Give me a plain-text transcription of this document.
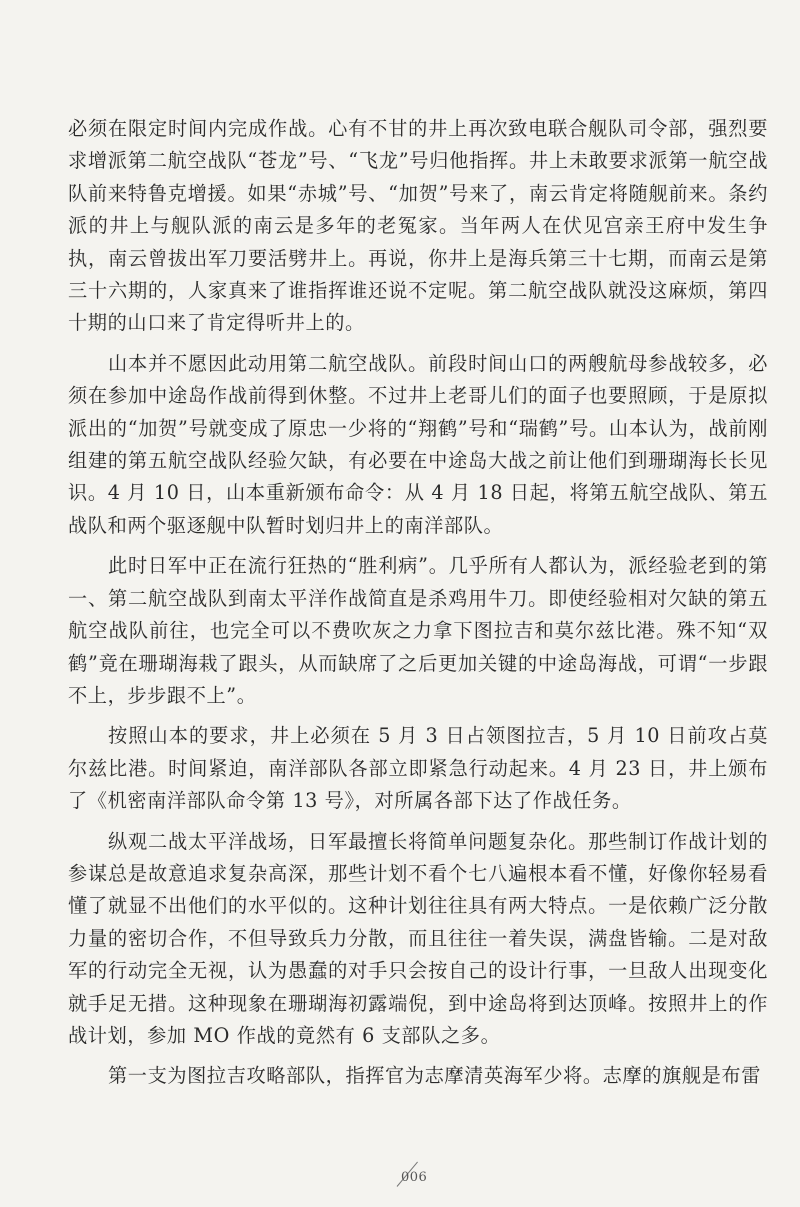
必须在限定时间内完成作战。心有不甘的井上再次致电联合舰队司令部，强烈要求增派第二航空战队“苍龙”号、“飞龙”号归他指挥。井上未敢要求派第一航空战队前来特鲁克增援。如果“赤城”号、“加贺”号来了，南云肯定将随舰前来。条约派的井上与舰队派的南云是多年的老冤家。当年两人在伏见宫亲王府中发生争执，南云曾拔出军刀要活劈井上。再说，你井上是海兵第三十七期，而南云是第三十六期的，人家真来了谁指挥谁还说不定呢。第二航空战队就没这麻烦，第四十期的山口来了肯定得听井上的。

山本并不愿因此动用第二航空战队。前段时间山口的两艘航母参战较多，必须在参加中途岛作战前得到休整。不过井上老哥儿们的面子也要照顾，于是原拟派出的“加贺”号就变成了原忠一少将的“翔鹤”号和“瑞鹤”号。山本认为，战前刚组建的第五航空战队经验欠缺，有必要在中途岛大战之前让他们到珊瑚海长长见识。4 月 10 日，山本重新颁布命令：从 4 月 18 日起，将第五航空战队、第五战队和两个驱逐舰中队暂时划归井上的南洋部队。

此时日军中正在流行狂热的“胜利病”。几乎所有人都认为，派经验老到的第一、第二航空战队到南太平洋作战简直是杀鸡用牛刀。即使经验相对欠缺的第五航空战队前往，也完全可以不费吹灰之力拿下图拉吉和莫尔兹比港。殊不知“双鹤”竟在珊瑚海栽了跟头，从而缺席了之后更加关键的中途岛海战，可谓“一步跟不上，步步跟不上”。

按照山本的要求，井上必须在 5 月 3 日占领图拉吉，5 月 10 日前攻占莫尔兹比港。时间紧迫，南洋部队各部立即紧急行动起来。4 月 23 日，井上颁布了《机密南洋部队命令第 13 号》，对所属各部下达了作战任务。

纵观二战太平洋战场，日军最擅长将简单问题复杂化。那些制订作战计划的参谋总是故意追求复杂高深，那些计划不看个七八遍根本看不懂，好像你轻易看懂了就显不出他们的水平似的。这种计划往往具有两大特点。一是依赖广泛分散力量的密切合作，不但导致兵力分散，而且往往一着失误，满盘皆输。二是对敌军的行动完全无视，认为愚蠢的对手只会按自己的设计行事，一旦敌人出现变化就手足无措。这种现象在珊瑚海初露端倪，到中途岛将到达顶峰。按照井上的作战计划，参加 MO 作战的竟然有 6 支部队之多。

第一支为图拉吉攻略部队，指挥官为志摩清英海军少将。志摩的旗舰是布雷

006
